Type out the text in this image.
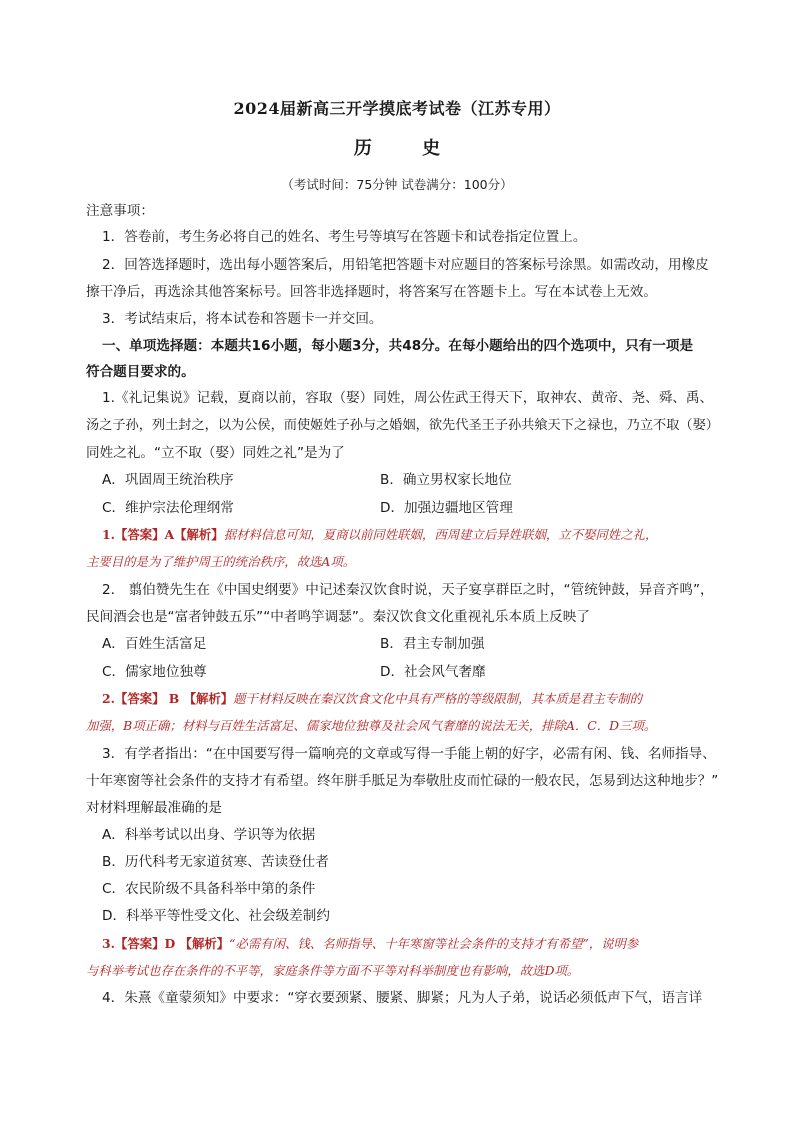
2024届新高三开学摸底考试卷（江苏专用）
历	史
（考试时间：75分钟 试卷满分：100分）
注意事项：
1．答卷前，考生务必将自己的姓名、考生号等填写在答题卡和试卷指定位置上。
2．回答选择题时，选出每小题答案后，用铅笔把答题卡对应题目的答案标号涂黑。如需改动，用橡皮
擦干净后，再选涂其他答案标号。回答非选择题时，将答案写在答题卡上。写在本试卷上无效。
3．考试结束后，将本试卷和答题卡一并交回。
一、单项选择题：本题共16小题，每小题3分，共48分。在每小题给出的四个选项中，只有一项是
符合题目要求的。
1.《礼记集说》记载，夏商以前，容取（娶）同姓，周公佐武王得天下，取神农、黄帝、尧、舜、禹、
汤之子孙，列土封之，以为公侯，而使姬姓子孙与之婚姻，欲先代圣王子孙共飨天下之禄也，乃立不取（娶）
同姓之礼。“立不取（娶）同姓之礼”是为了
A．巩固周王统治秩序	B．确立男权家长地位
C．维护宗法伦理纲常	D．加强边疆地区管理
1.【答案】A【解析】据材料信息可知，夏商以前同姓联姻，西周建立后异姓联姻，立不娶同姓之礼，
主要目的是为了维护周王的统治秩序，故选A项。
2． 翦伯赞先生在《中国史纲要》中记述秦汉饮食时说，天子宴享群臣之时，“管统钟鼓，异音齐鸣”，
民间酒会也是“富者钟鼓五乐”“中者鸣竽调瑟”。秦汉饮食文化重视礼乐本质上反映了
A．百姓生活富足	B．君主专制加强
C．儒家地位独尊	D．社会风气奢靡
2.【答案】 B 【解析】题干材料反映在秦汉饮食文化中具有严格的等级限制，其本质是君主专制的
加强，B项正确；材料与百姓生活富足、儒家地位独尊及社会风气奢靡的说法无关，排除A．C．D三项。
3．有学者指出：“在中国要写得一篇响亮的文章或写得一手能上朝的好字，必需有闲、钱、名师指导、
十年寒窗等社会条件的支持才有希望。终年胼手胝足为奉敬肚皮而忙碌的一般农民，怎易到达这种地步？”
对材料理解最准确的是
A．科举考试以出身、学识等为依据
B．历代科考无家道贫寒、苦读登仕者
C．农民阶级不具备科举中第的条件
D．科举平等性受文化、社会级差制约
3.【答案】D 【解析】“必需有闲、钱、名师指导、十年寒窗等社会条件的支持才有希望”，说明参
与科举考试也存在条件的不平等，家庭条件等方面不平等对科举制度也有影响，故选D项。
4．朱熹《童蒙须知》中要求：“穿衣要颈紧、腰紧、脚紧；凡为人子弟，说话必须低声下气，语言详
